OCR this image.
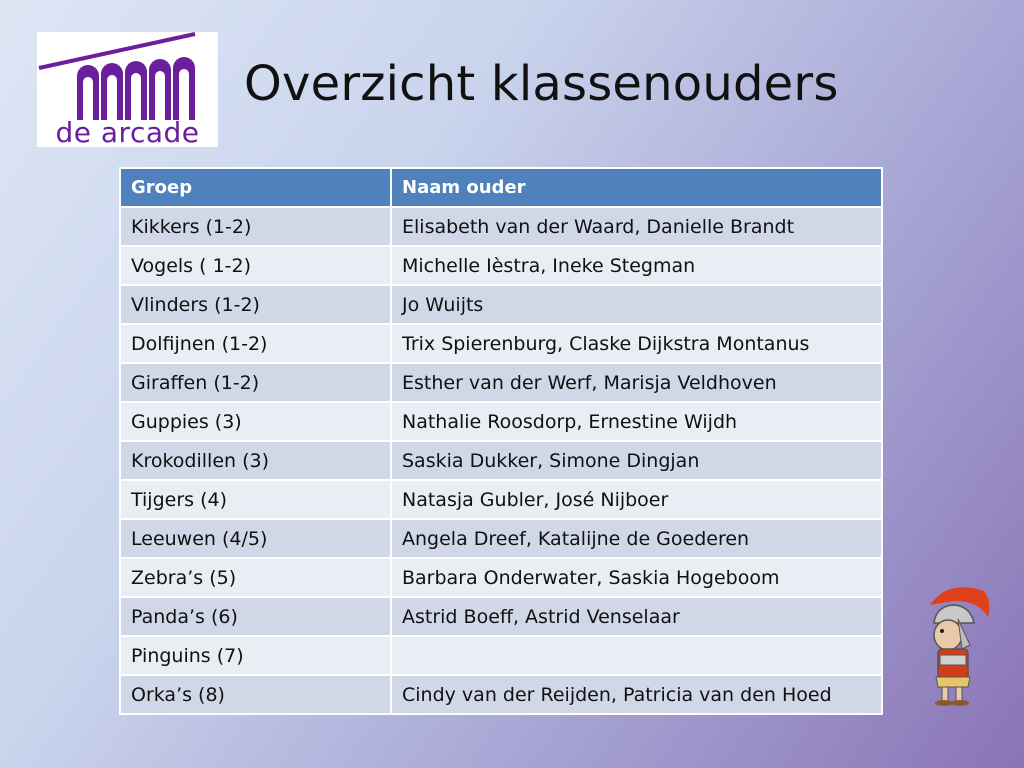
de arcade
Overzicht klassenouders
Groep	Naam ouder
Kikkers (1-2)	Elisabeth van der Waard, Danielle Brandt
Vogels ( 1-2)	Michelle Ièstra, Ineke Stegman
Vlinders (1-2)	Jo Wuijts
Dolfijnen (1-2)	Trix Spierenburg, Claske Dijkstra Montanus
Giraffen (1-2)	Esther van der Werf, Marisja Veldhoven
Guppies (3)	Nathalie Roosdorp, Ernestine Wijdh
Krokodillen (3)	Saskia Dukker, Simone Dingjan
Tijgers (4)	Natasja Gubler, José Nijboer
Leeuwen (4/5)	Angela Dreef, Katalijne de Goederen
Zebra’s (5)	Barbara Onderwater, Saskia Hogeboom
Panda’s (6)	Astrid Boeff, Astrid Venselaar
Pinguins (7)	
Orka’s (8)	Cindy van der Reijden, Patricia van den Hoed
